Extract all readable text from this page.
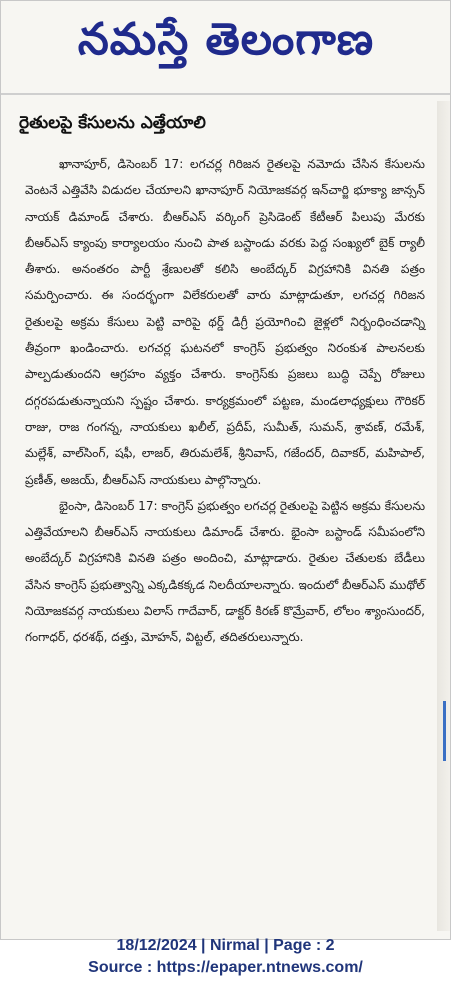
నమస్తే తెలంగాణ
రైతులపై కేసులను ఎత్తేయాలి

ఖానాపూర్, డిసెంబర్ 17: లగచర్ల గిరిజన రైతలపై నమోదు చేసిన కేసులను వెంటనే ఎత్తివేసి విడుదల చేయాలని ఖానాపూర్ నియోజకవర్గ ఇన్‌చార్జి భూక్యా జాన్సన్ నాయక్ డిమాండ్ చేశారు. బీఆర్ఎస్ వర్కింగ్ ప్రెసిడెంట్ కేటీఆర్ పిలుపు మేరకు బీఆర్ఎస్ క్యాంపు కార్యాలయం నుంచి పాత బస్టాండు వరకు పెద్ద సంఖ్యలో బైక్ ర్యాలీ తీశారు. అనంతరం పార్టీ శ్రేణులతో కలిసి అంబేద్కర్ విగ్రహానికి వినతి పత్రం సమర్పించారు. ఈ సందర్భంగా విలేకరులతో వారు మాట్లాడుతూ, లగచర్ల గిరిజన రైతులపై అక్రమ కేసులు పెట్టి వారిపై థర్డ్ డిగ్రీ ప్రయోగించి జైళ్లలో నిర్బంధించడాన్ని తీవ్రంగా ఖండించారు. లగచర్ల ఘటనలో కాంగ్రెస్ ప్రభుత్వం నిరంకుశ పాలనలకు పాల్పడుతుందని ఆగ్రహం వ్యక్తం చేశారు. కాంగ్రెస్‌కు ప్రజలు బుద్ధి చెప్పే రోజులు దగ్గరపడుతున్నాయని స్పష్టం చేశారు. కార్యక్రమంలో పట్టణ, మండలాధ్యక్షులు గౌరికర్ రాజు, రాజ గంగన్న, నాయకులు ఖలీల్, ప్రదీప్, సుమీత్, సుమన్, శ్రావణ్, రమేశ్, మల్లేశ్, వాల్‌సింగ్, షఫీ, లాజర్, తిరుమలేశ్, శ్రీనివాస్, గజేందర్, దివాకర్, మహిపాల్, ప్రణీత్, అజయ్, బీఆర్ఎస్ నాయకులు పాల్గొన్నారు.

భైంసా, డిసెంబర్ 17: కాంగ్రెస్ ప్రభుత్వం లగచర్ల రైతులపై పెట్టిన అక్రమ కేసులను ఎత్తివేయాలని బీఆర్ఎస్ నాయకులు డిమాండ్ చేశారు. భైంసా బస్టాండ్ సమీపంలోని అంబేద్కర్ విగ్రహానికి వినతి పత్రం అందించి, మాట్లాడారు. రైతుల చేతులకు బేడీలు వేసిన కాంగ్రెస్ ప్రభుత్వాన్ని ఎక్కడికక్కడ నిలదీయాలన్నారు. ఇందులో బీఆర్ఎస్ ముథోల్ నియోజకవర్గ నాయకులు విలాస్ గాదేవార్, డాక్టర్ కిరణ్ కొమ్రేవార్, లోలం శ్యాంసుందర్, గంగాధర్, ధరశథ్, దత్తు, మోహన్, విట్టల్, తదితరులున్నారు.

18/12/2024 | Nirmal | Page : 2
Source : https://epaper.ntnews.com/
